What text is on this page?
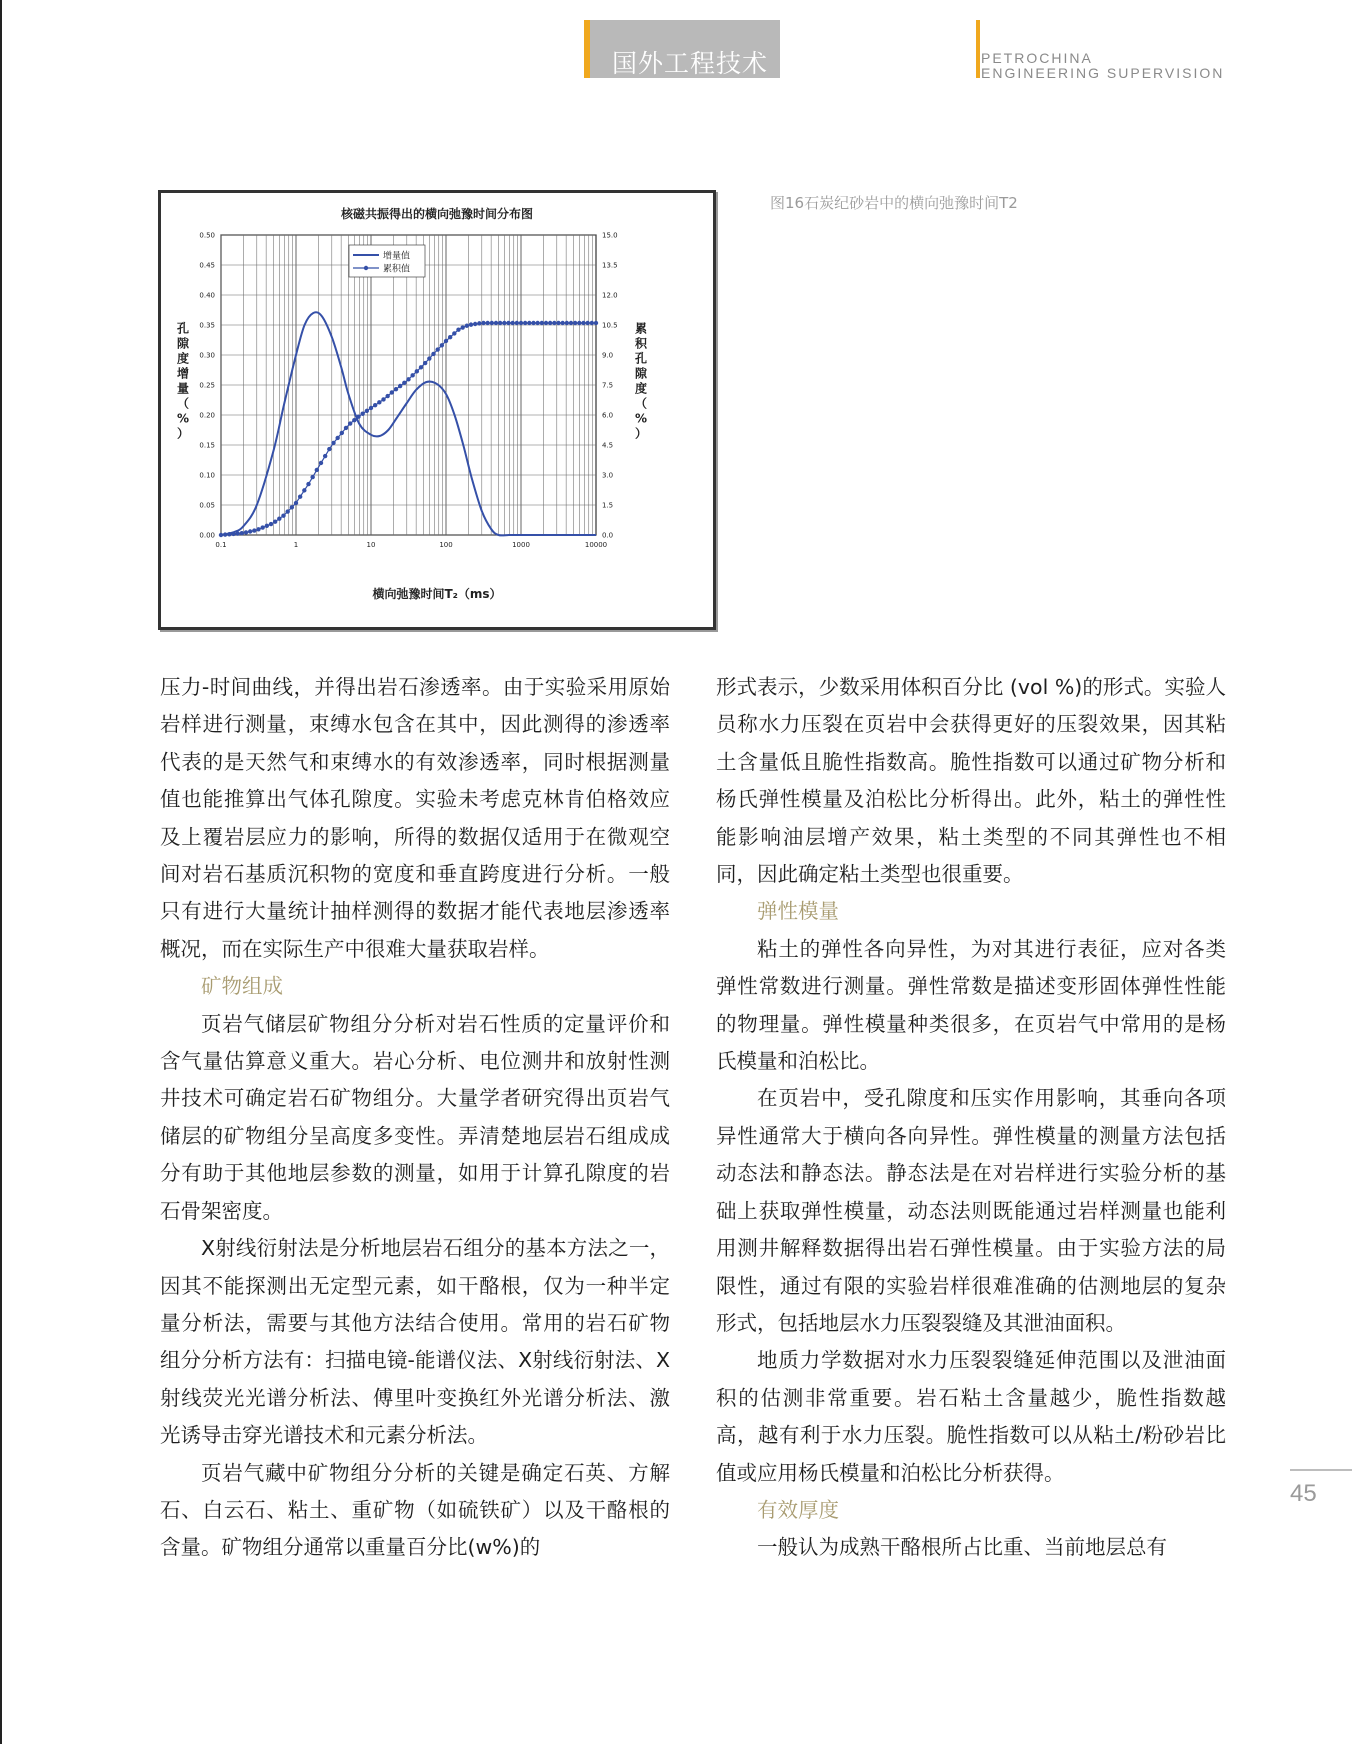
国外工程技术	PETROCHINA
ENGINEERING SUPERVISION
核磁共振得出的横向弛豫时间分布图
0.1	1	10	100	1000	10000
0.00
0.05
0.10
0.15
0.20
0.25
0.30
0.35
0.40
0.45
0.50
0.0
1.5
3.0
4.5
6.0
7.5
9.0
10.5
12.0
13.5
15.0
增量值
累积值
横向弛豫时间T₂（ms）
孔
隙
度
增
量
（
%
）
累
积
孔
隙
度
（
%
）
图16石炭纪砂岩中的横向弛豫时间T2

压力-时间曲线，并得出岩石渗透率。由于实验采用原始岩样进行测量，束缚水包含在其中，因此测得的渗透率代表的是天然气和束缚水的有效渗透率，同时根据测量值也能推算出气体孔隙度。实验未考虑克林肯伯格效应及上覆岩层应力的影响，所得的数据仅适用于在微观空间对岩石基质沉积物的宽度和垂直跨度进行分析。一般只有进行大量统计抽样测得的数据才能代表地层渗透率概况，而在实际生产中很难大量获取岩样。

矿物组成

页岩气储层矿物组分分析对岩石性质的定量评价和含气量估算意义重大。岩心分析、电位测井和放射性测井技术可确定岩石矿物组分。大量学者研究得出页岩气储层的矿物组分呈高度多变性。弄清楚地层岩石组成成分有助于其他地层参数的测量，如用于计算孔隙度的岩石骨架密度。

X射线衍射法是分析地层岩石组分的基本方法之一，因其不能探测出无定型元素，如干酪根，仅为一种半定量分析法，需要与其他方法结合使用。常用的岩石矿物组分分析方法有：扫描电镜-能谱仪法、X射线衍射法、X射线荧光光谱分析法、傅里叶变换红外光谱分析法、激光诱导击穿光谱技术和元素分析法。

页岩气藏中矿物组分分析的关键是确定石英、方解石、白云石、粘土、重矿物（如硫铁矿）以及干酪根的含量。矿物组分通常以重量百分比(w%)的

形式表示，少数采用体积百分比 (vol %)的形式。实验人员称水力压裂在页岩中会获得更好的压裂效果，因其粘土含量低且脆性指数高。脆性指数可以通过矿物分析和杨氏弹性模量及泊松比分析得出。此外，粘土的弹性性能影响油层增产效果，粘土类型的不同其弹性也不相同，因此确定粘土类型也很重要。

弹性模量

粘土的弹性各向异性，为对其进行表征，应对各类弹性常数进行测量。弹性常数是描述变形固体弹性性能的物理量。弹性模量种类很多，在页岩气中常用的是杨氏模量和泊松比。

在页岩中，受孔隙度和压实作用影响，其垂向各项异性通常大于横向各向异性。弹性模量的测量方法包括动态法和静态法。静态法是在对岩样进行实验分析的基础上获取弹性模量，动态法则既能通过岩样测量也能利用测井解释数据得出岩石弹性模量。由于实验方法的局限性，通过有限的实验岩样很难准确的估测地层的复杂形式，包括地层水力压裂裂缝及其泄油面积。

地质力学数据对水力压裂裂缝延伸范围以及泄油面积的估测非常重要。岩石粘土含量越少，脆性指数越高，越有利于水力压裂。脆性指数可以从粘土/粉砂岩比值或应用杨氏模量和泊松比分析获得。

有效厚度

一般认为成熟干酪根所占比重、当前地层总有

45
